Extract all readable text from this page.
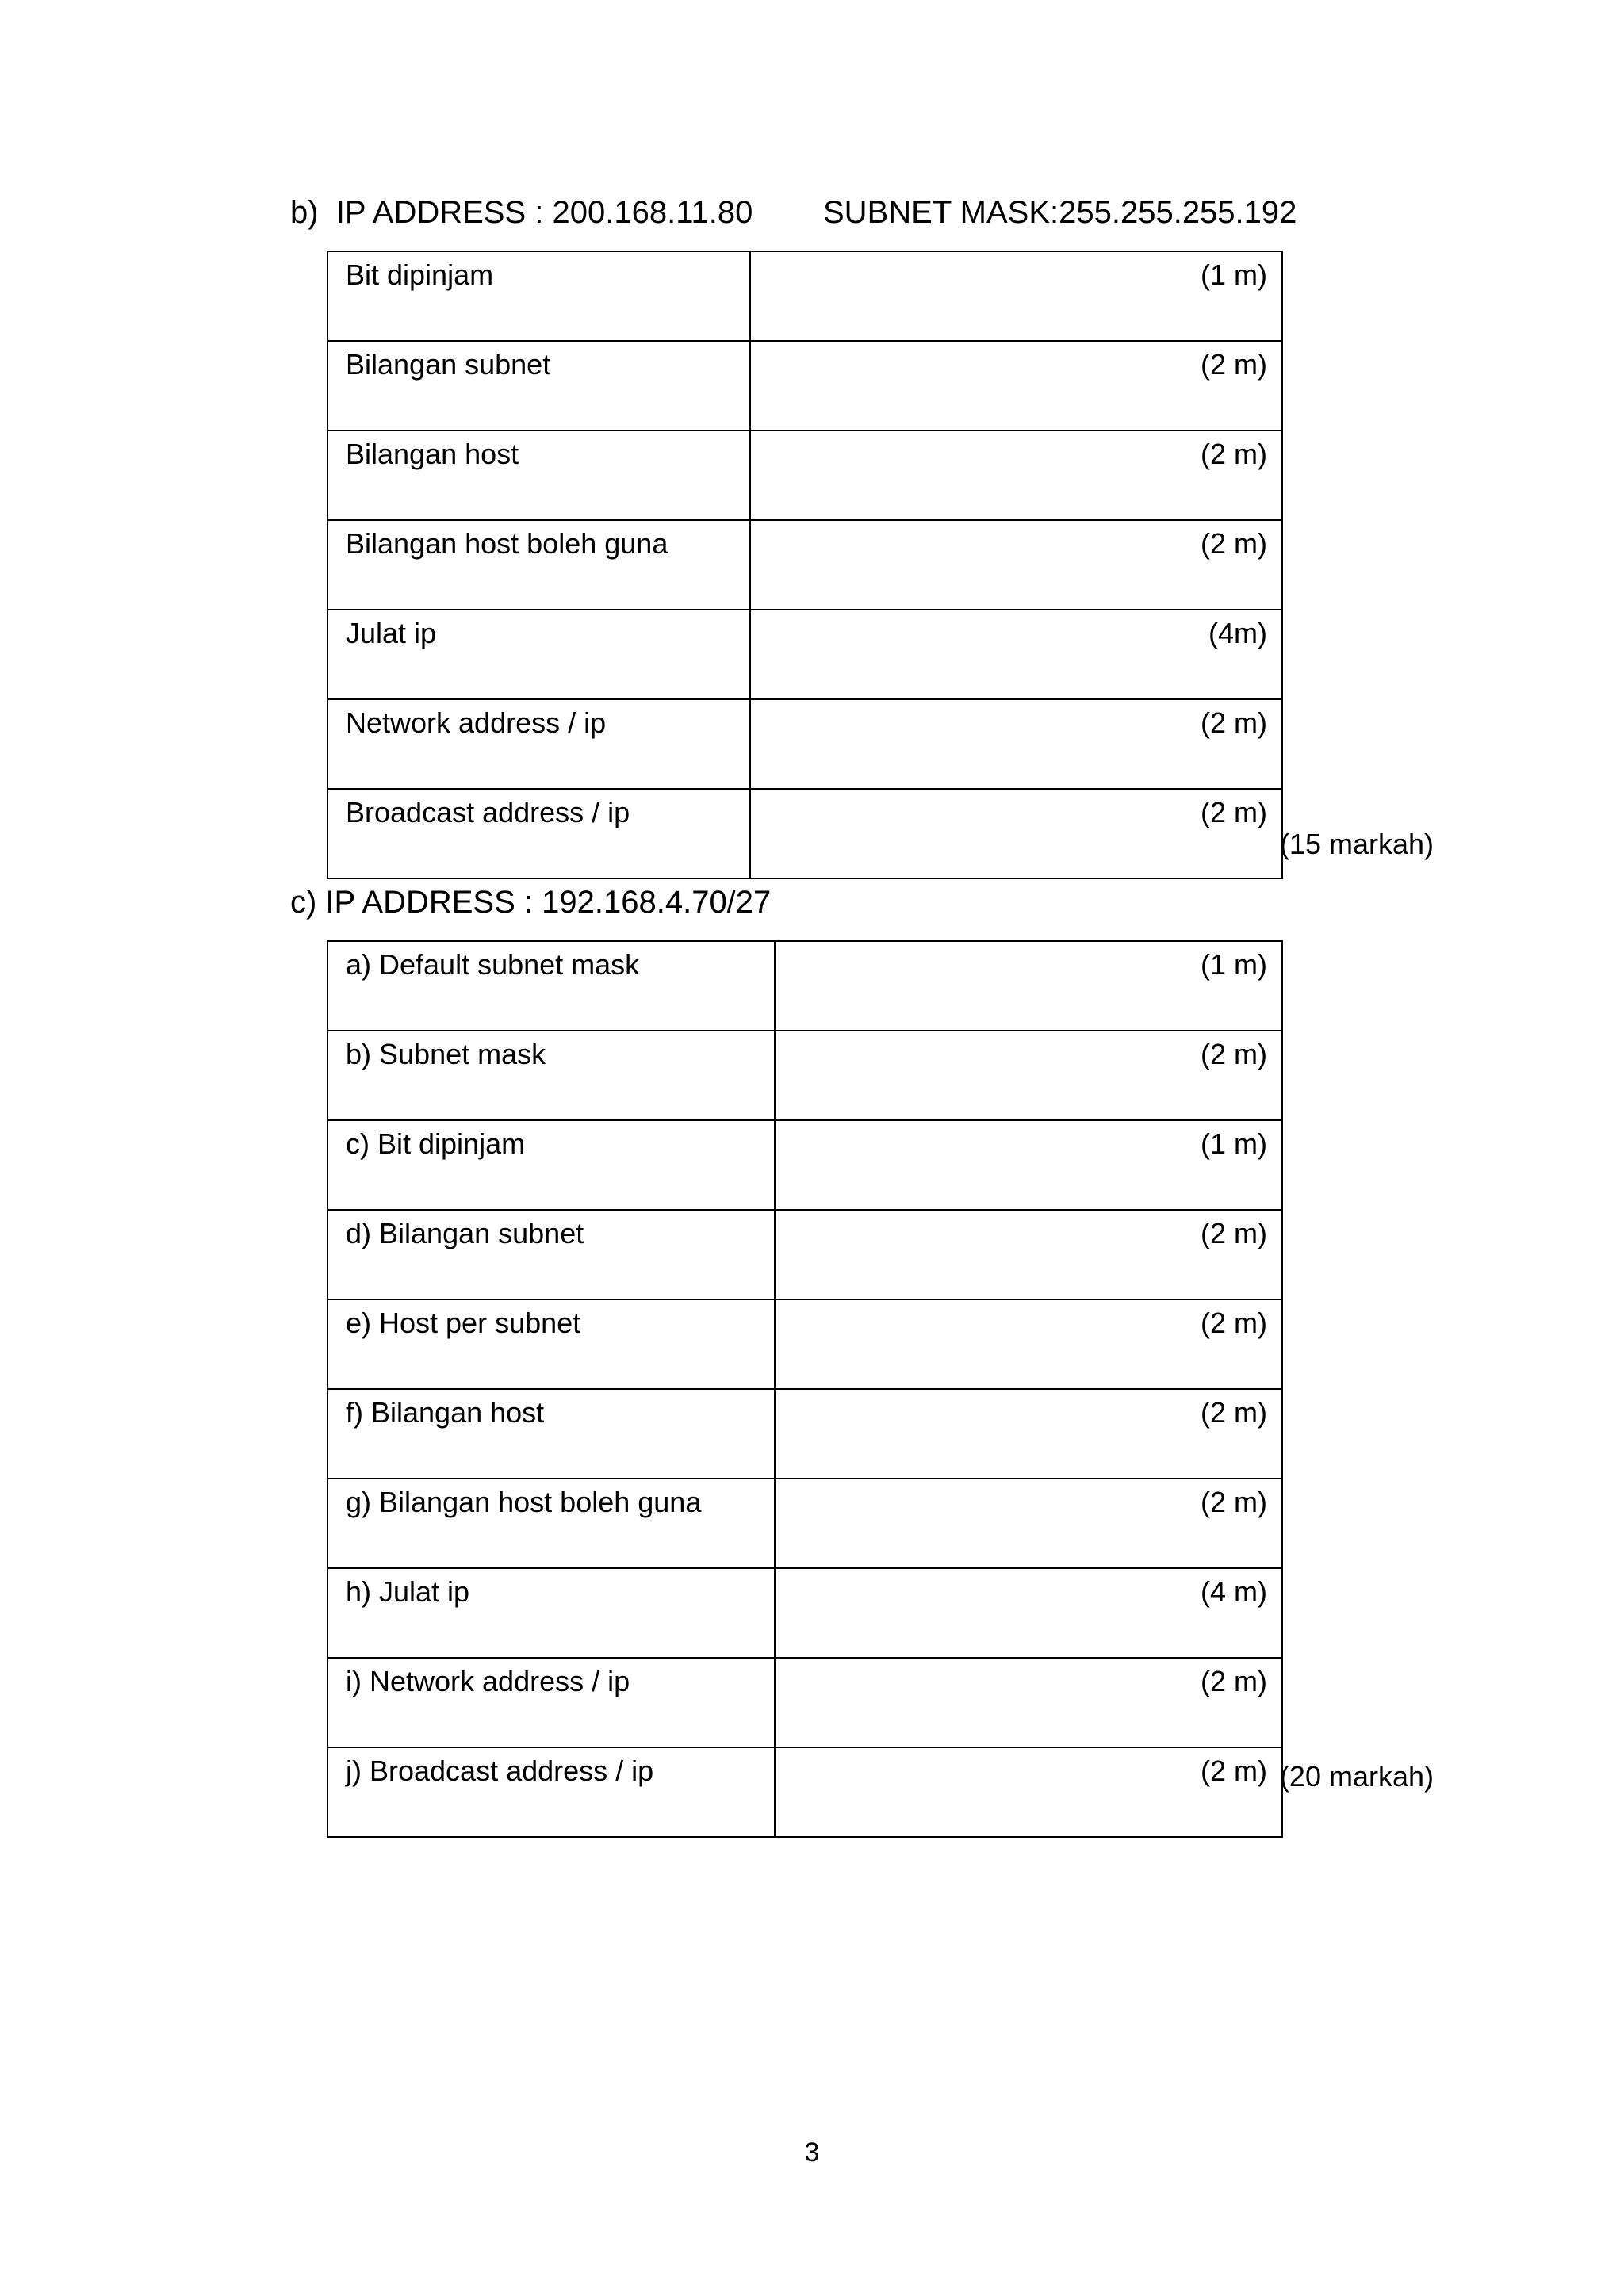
b)  IP ADDRESS : 200.168.11.80 SUBNET MASK:255.255.255.192
Bit dipinjam	(1 m)

Bilangan subnet	(2 m)

Bilangan host	(2 m)

Bilangan host boleh guna	(2 m)

Julat ip	(4m)

Network address / ip	(2 m)

Broadcast address / ip	(2 m)
(15 markah)
c) IP ADDRESS : 192.168.4.70/27
a) Default subnet mask	(1 m)

b) Subnet mask	(2 m)

c) Bit dipinjam	(1 m)

d) Bilangan subnet	(2 m)

e) Host per subnet	(2 m)

f) Bilangan host	(2 m)

g) Bilangan host boleh guna	(2 m)

h) Julat ip	(4 m)

i) Network address / ip	(2 m)

j) Broadcast address / ip	(2 m) (20 markah)
3
